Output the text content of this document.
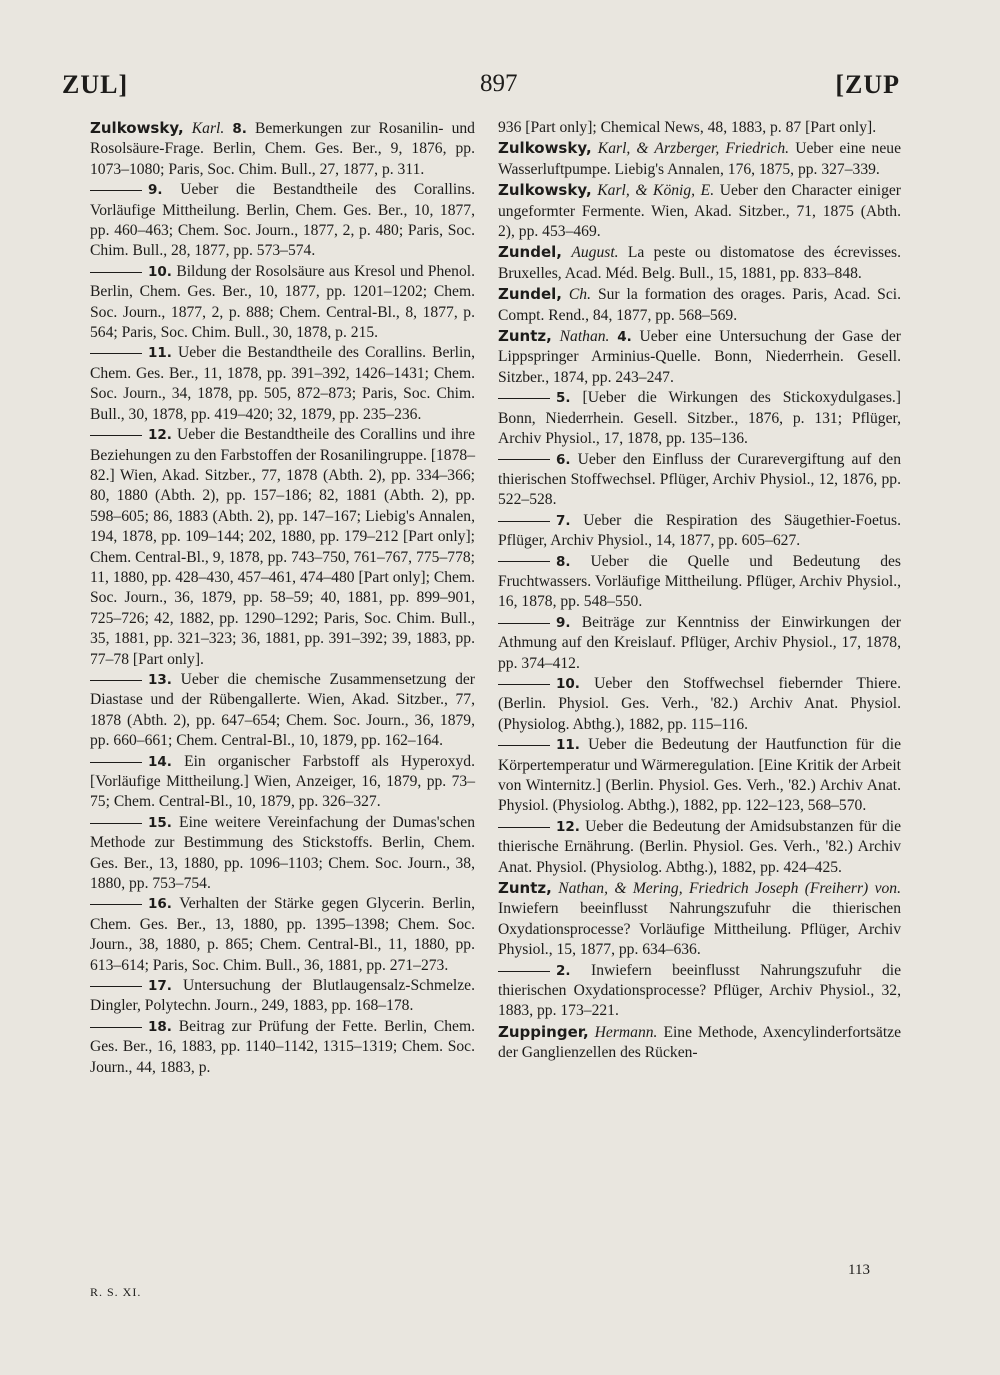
ZUL]	897	[ZUP

Zulkowsky, Karl. 8. Bemerkungen zur Rosanilin- und Rosolsäure-Frage. Berlin, Chem. Ges. Ber., 9, 1876, pp. 1073–1080; Paris, Soc. Chim. Bull., 27, 1877, p. 311.

9. Ueber die Bestandtheile des Corallins. Vorläufige Mittheilung. Berlin, Chem. Ges. Ber., 10, 1877, pp. 460–463; Chem. Soc. Journ., 1877, 2, p. 480; Paris, Soc. Chim. Bull., 28, 1877, pp. 573–574.

10. Bildung der Rosolsäure aus Kresol und Phenol. Berlin, Chem. Ges. Ber., 10, 1877, pp. 1201–1202; Chem. Soc. Journ., 1877, 2, p. 888; Chem. Central-Bl., 8, 1877, p. 564; Paris, Soc. Chim. Bull., 30, 1878, p. 215.

11. Ueber die Bestandtheile des Corallins. Berlin, Chem. Ges. Ber., 11, 1878, pp. 391–392, 1426–1431; Chem. Soc. Journ., 34, 1878, pp. 505, 872–873; Paris, Soc. Chim. Bull., 30, 1878, pp. 419–420; 32, 1879, pp. 235–236.

12. Ueber die Bestandtheile des Corallins und ihre Beziehungen zu den Farbstoffen der Rosanilingruppe. [1878–82.] Wien, Akad. Sitzber., 77, 1878 (Abth. 2), pp. 334–366; 80, 1880 (Abth. 2), pp. 157–186; 82, 1881 (Abth. 2), pp. 598–605; 86, 1883 (Abth. 2), pp. 147–167; Liebig's Annalen, 194, 1878, pp. 109–144; 202, 1880, pp. 179–212 [Part only]; Chem. Central-Bl., 9, 1878, pp. 743–750, 761–767, 775–778; 11, 1880, pp. 428–430, 457–461, 474–480 [Part only]; Chem. Soc. Journ., 36, 1879, pp. 58–59; 40, 1881, pp. 899–901, 725–726; 42, 1882, pp. 1290–1292; Paris, Soc. Chim. Bull., 35, 1881, pp. 321–323; 36, 1881, pp. 391–392; 39, 1883, pp. 77–78 [Part only].

13. Ueber die chemische Zusammensetzung der Diastase und der Rübengallerte. Wien, Akad. Sitzber., 77, 1878 (Abth. 2), pp. 647–654; Chem. Soc. Journ., 36, 1879, pp. 660–661; Chem. Central-Bl., 10, 1879, pp. 162–164.

14. Ein organischer Farbstoff als Hyperoxyd. [Vorläufige Mittheilung.] Wien, Anzeiger, 16, 1879, pp. 73–75; Chem. Central-Bl., 10, 1879, pp. 326–327.

15. Eine weitere Vereinfachung der Dumas'schen Methode zur Bestimmung des Stickstoffs. Berlin, Chem. Ges. Ber., 13, 1880, pp. 1096–1103; Chem. Soc. Journ., 38, 1880, pp. 753–754.

16. Verhalten der Stärke gegen Glycerin. Berlin, Chem. Ges. Ber., 13, 1880, pp. 1395–1398; Chem. Soc. Journ., 38, 1880, p. 865; Chem. Central-Bl., 11, 1880, pp. 613–614; Paris, Soc. Chim. Bull., 36, 1881, pp. 271–273.

17. Untersuchung der Blutlaugensalz-Schmelze. Dingler, Polytechn. Journ., 249, 1883, pp. 168–178.

18. Beitrag zur Prüfung der Fette. Berlin, Chem. Ges. Ber., 16, 1883, pp. 1140–1142, 1315–1319; Chem. Soc. Journ., 44, 1883, p.

936 [Part only]; Chemical News, 48, 1883, p. 87 [Part only].

Zulkowsky, Karl, & Arzberger, Friedrich. Ueber eine neue Wasserluftpumpe. Liebig's Annalen, 176, 1875, pp. 327–339.

Zulkowsky, Karl, & König, E. Ueber den Character einiger ungeformter Fermente. Wien, Akad. Sitzber., 71, 1875 (Abth. 2), pp. 453–469.

Zundel, August. La peste ou distomatose des écrevisses. Bruxelles, Acad. Méd. Belg. Bull., 15, 1881, pp. 833–848.

Zundel, Ch. Sur la formation des orages. Paris, Acad. Sci. Compt. Rend., 84, 1877, pp. 568–569.

Zuntz, Nathan. 4. Ueber eine Untersuchung der Gase der Lippspringer Arminius-Quelle. Bonn, Niederrhein. Gesell. Sitzber., 1874, pp. 243–247.

5. [Ueber die Wirkungen des Stickoxydulgases.] Bonn, Niederrhein. Gesell. Sitzber., 1876, p. 131; Pflüger, Archiv Physiol., 17, 1878, pp. 135–136.

6. Ueber den Einfluss der Curarevergiftung auf den thierischen Stoffwechsel. Pflüger, Archiv Physiol., 12, 1876, pp. 522–528.

7. Ueber die Respiration des Säugethier-Foetus. Pflüger, Archiv Physiol., 14, 1877, pp. 605–627.

8. Ueber die Quelle und Bedeutung des Fruchtwassers. Vorläufige Mittheilung. Pflüger, Archiv Physiol., 16, 1878, pp. 548–550.

9. Beiträge zur Kenntniss der Einwirkungen der Athmung auf den Kreislauf. Pflüger, Archiv Physiol., 17, 1878, pp. 374–412.

10. Ueber den Stoffwechsel fiebernder Thiere. (Berlin. Physiol. Ges. Verh., '82.) Archiv Anat. Physiol. (Physiolog. Abthg.), 1882, pp. 115–116.

11. Ueber die Bedeutung der Hautfunction für die Körpertemperatur und Wärmeregulation. [Eine Kritik der Arbeit von Winternitz.] (Berlin. Physiol. Ges. Verh., '82.) Archiv Anat. Physiol. (Physiolog. Abthg.), 1882, pp. 122–123, 568–570.

12. Ueber die Bedeutung der Amidsubstanzen für die thierische Ernährung. (Berlin. Physiol. Ges. Verh., '82.) Archiv Anat. Physiol. (Physiolog. Abthg.), 1882, pp. 424–425.

Zuntz, Nathan, & Mering, Friedrich Joseph (Freiherr) von. Inwiefern beeinflusst Nahrungszufuhr die thierischen Oxydationsprocesse? Vorläufige Mittheilung. Pflüger, Archiv Physiol., 15, 1877, pp. 634–636.

2. Inwiefern beeinflusst Nahrungszufuhr die thierischen Oxydationsprocesse? Pflüger, Archiv Physiol., 32, 1883, pp. 173–221.

Zuppinger, Hermann. Eine Methode, Axencylinderfortsätze der Ganglienzellen des Rücken-

R. S. XI.
113
